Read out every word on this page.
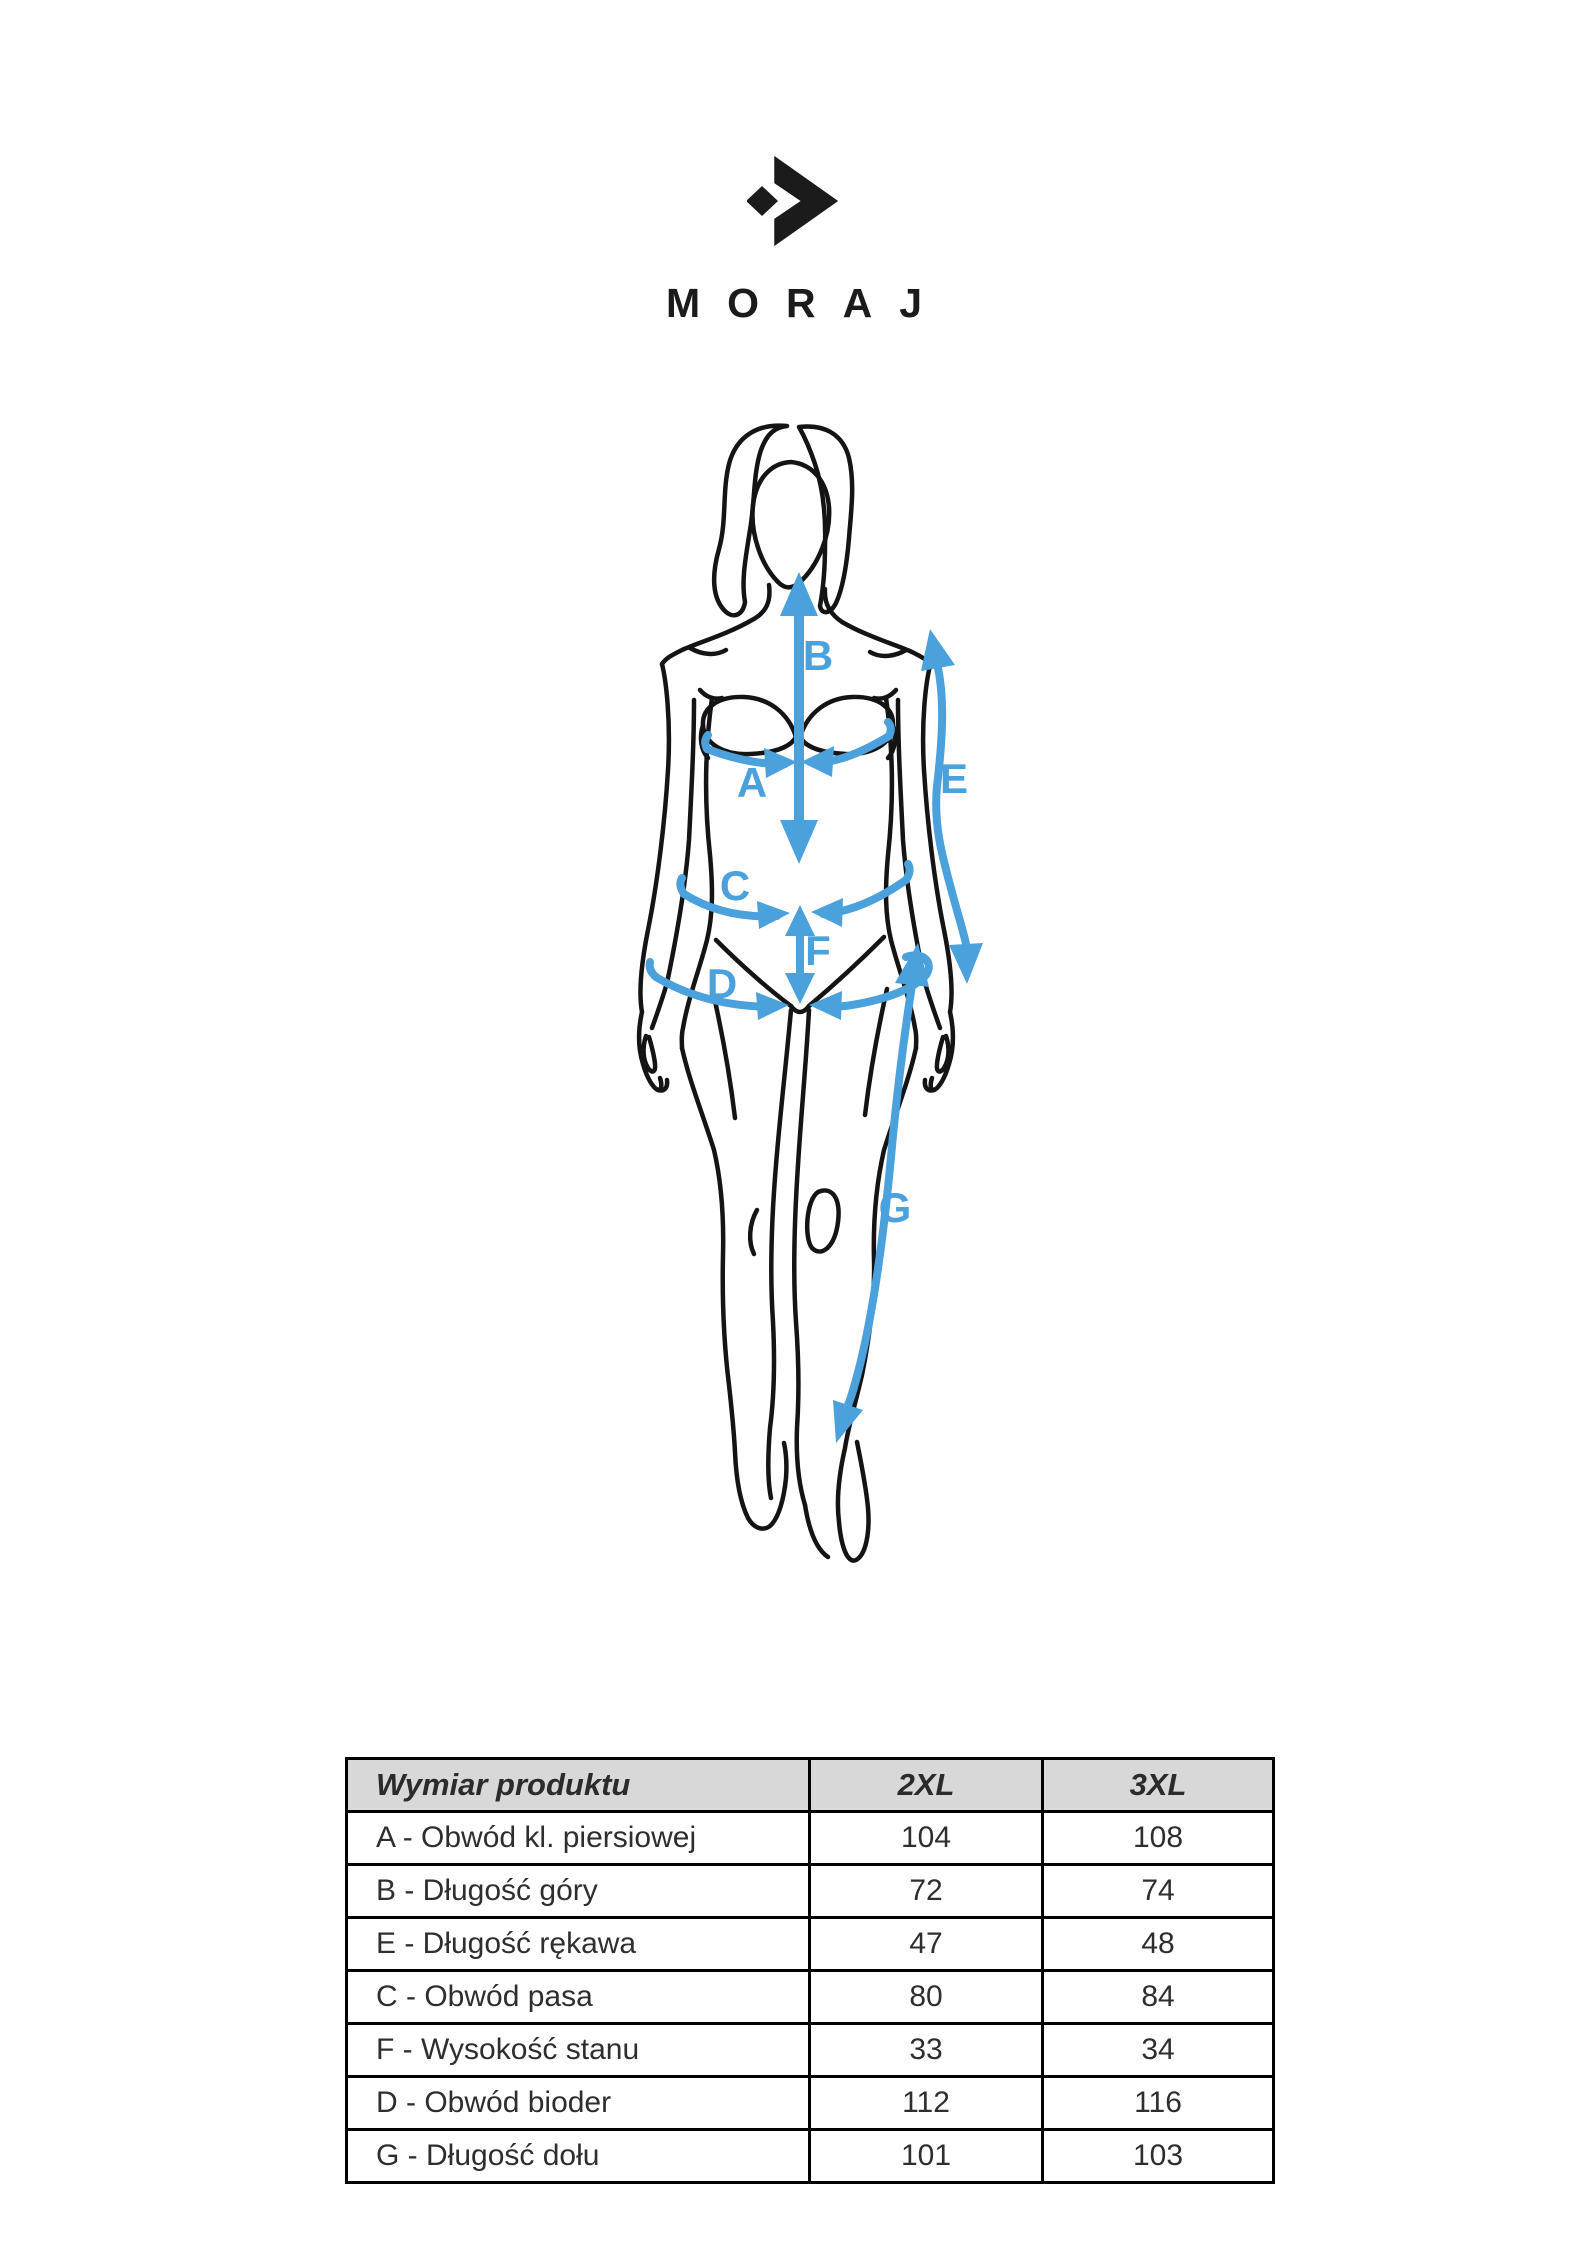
MORAJ
A
B
C
D
E
F
G
Wymiar produktu	2XL	3XL
A - Obwód kl. piersiowej	104	108
B - Długość góry	72	74
E - Długość rękawa	47	48
C - Obwód pasa	80	84
F - Wysokość stanu	33	34
D - Obwód bioder	112	116
G - Długość dołu	101	103
